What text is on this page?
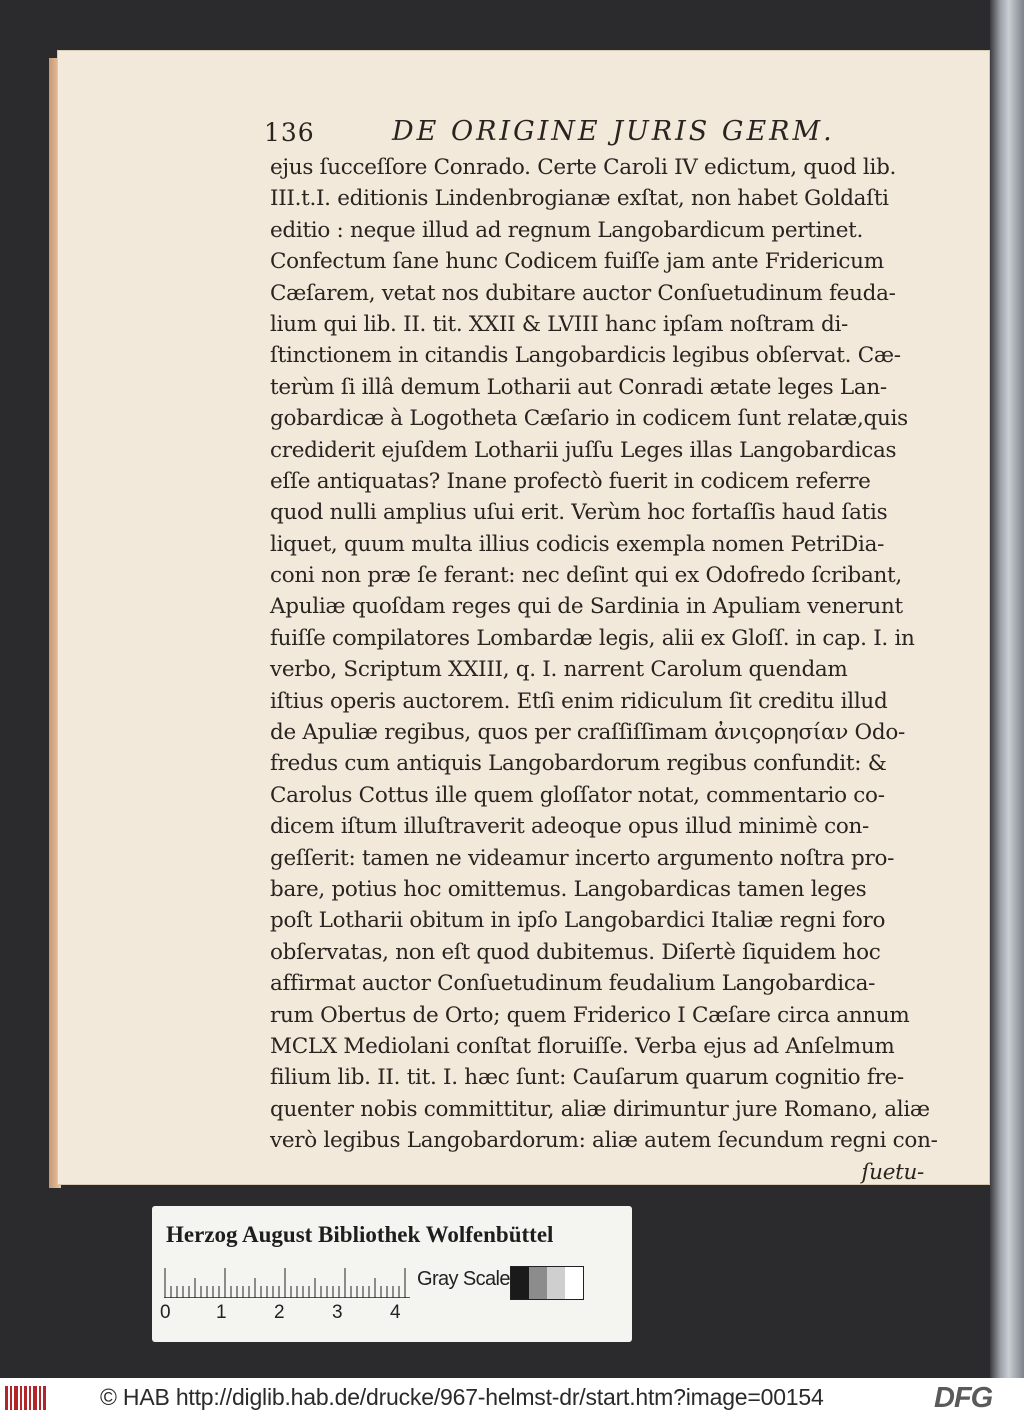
136	DE ORIGINE JURIS GERM.
ejus ſucceſſore Conrado. Certe Caroli IV edictum, quod lib.
III.t.I. editionis Lindenbrogianæ exſtat, non habet Goldaſti
editio : neque illud ad regnum Langobardicum pertinet.
Confectum ſane hunc Codicem fuiſſe jam ante Fridericum
Cæſarem, vetat nos dubitare auctor Conſuetudinum feuda-
lium qui lib. II. tit. XXII & LVIII hanc ipſam noſtram di-
ſtinctionem in citandis Langobardicis legibus obſervat. Cæ-
terùm ſi illâ demum Lotharii aut Conradi ætate leges Lan-
gobardicæ à Logotheta Cæſario in codicem ſunt relatæ,quis
crediderit ejuſdem Lotharii juſſu Leges illas Langobardicas
eſſe antiquatas? Inane profectò fuerit in codicem referre
quod nulli amplius uſui erit. Verùm hoc fortaſſis haud ſatis
liquet, quum multa illius codicis exempla nomen PetriDia-
coni non præ ſe ferant: nec deſint qui ex Odofredo ſcribant,
Apuliæ quoſdam reges qui de Sardinia in Apuliam venerunt
fuiſſe compilatores Lombardæ legis, alii ex Gloſſ. in cap. I. in
verbo, Scriptum XXIII, q. I. narrent Carolum quendam
iſtius operis auctorem. Etſi enim ridiculum ſit creditu illud
de Apuliæ regibus, quos per craſſiſſimam ἀνιςορησίαν Odo-
fredus cum antiquis Langobardorum regibus confundit: &
Carolus Cottus ille quem gloſſator notat, commentario co-
dicem iſtum illuſtraverit adeoque opus illud minimè con-
geſſerit: tamen ne videamur incerto argumento noſtra pro-
bare, potius hoc omittemus. Langobardicas tamen leges
poſt Lotharii obitum in ipſo Langobardici Italiæ regni foro
obſervatas, non eſt quod dubitemus. Diſertè ſiquidem hoc
affirmat auctor Conſuetudinum feudalium Langobardica-
rum Obertus de Orto; quem Friderico I Cæſare circa annum
MCLX Mediolani conſtat floruiſſe. Verba ejus ad Anſelmum
filium lib. II. tit. I. hæc ſunt: Cauſarum quarum cognitio fre-
quenter nobis committitur, aliæ dirimuntur jure Romano, aliæ
verò legibus Langobardorum: aliæ autem ſecundum regni con-
ſuetu-
Herzog August Bibliothek Wolfenbüttel
0 1 2 3 4
Gray Scale
© HAB http://diglib.hab.de/drucke/967-helmst-dr/start.htm?image=00154	DFG
